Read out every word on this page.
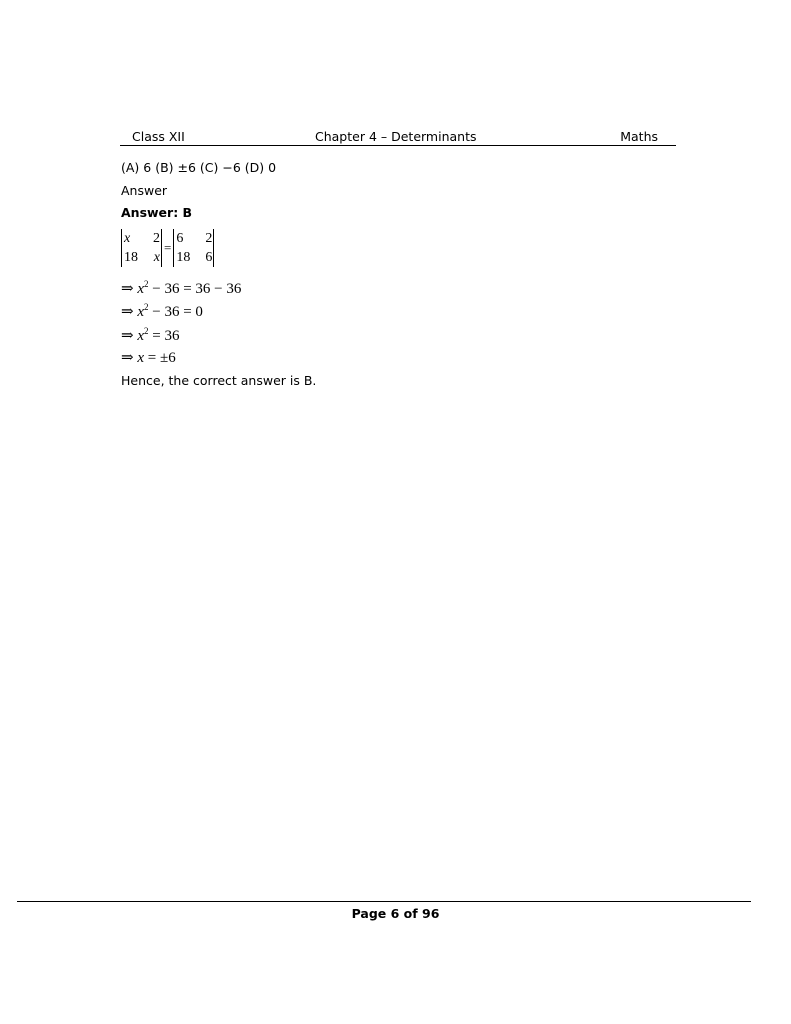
Class XII	Chapter 4 – Determinants	Maths
(A) 6 (B) ±6 (C) −6 (D) 0
Answer
Answer: B
x	2
18	x
=
6	2
18	6
⇒ $x^2 - 36 = 36 - 36$
⇒ $x^2 - 36 = 0$
⇒ $x^2 = 36$
⇒ x = ±6
Hence, the correct answer is B.
Page 6 of 96
